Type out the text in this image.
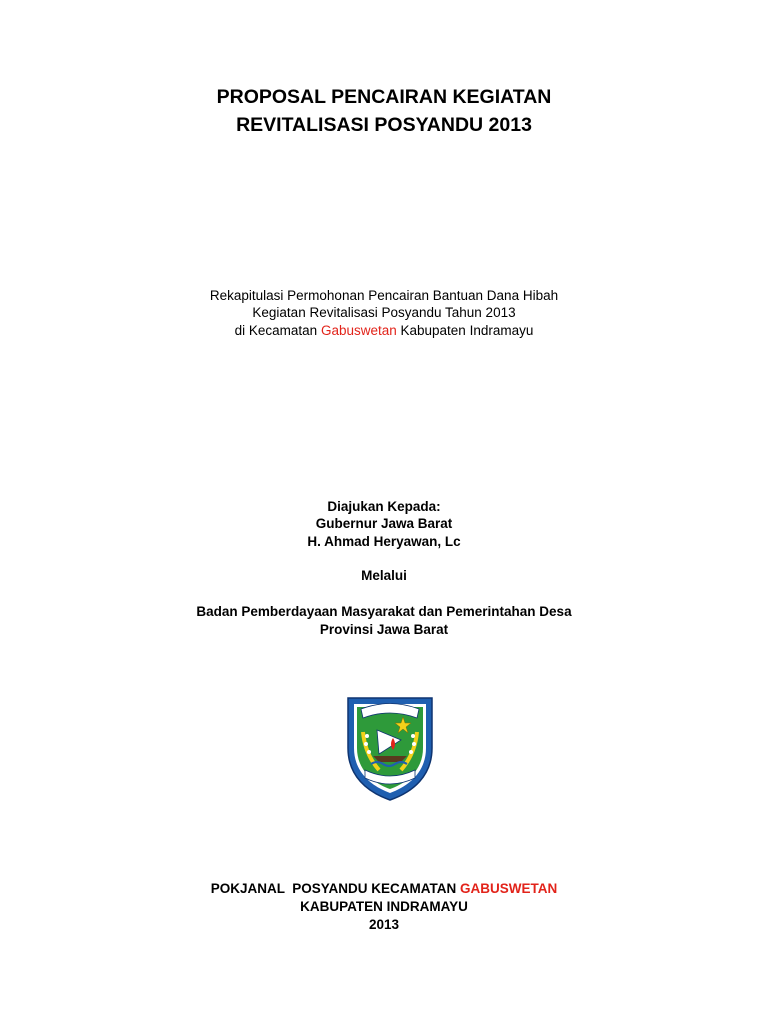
PROPOSAL PENCAIRAN KEGIATAN
REVITALISASI POSYANDU 2013
Rekapitulasi Permohonan Pencairan Bantuan Dana Hibah
Kegiatan Revitalisasi Posyandu Tahun 2013
di Kecamatan Gabuswetan Kabupaten Indramayu
Diajukan Kepada:
Gubernur Jawa Barat
H. Ahmad Heryawan, Lc
Melalui
Badan Pemberdayaan Masyarakat dan Pemerintahan Desa
Provinsi Jawa Barat
POKJANAL  POSYANDU KECAMATAN GABUSWETAN
KABUPATEN INDRAMAYU
2013
